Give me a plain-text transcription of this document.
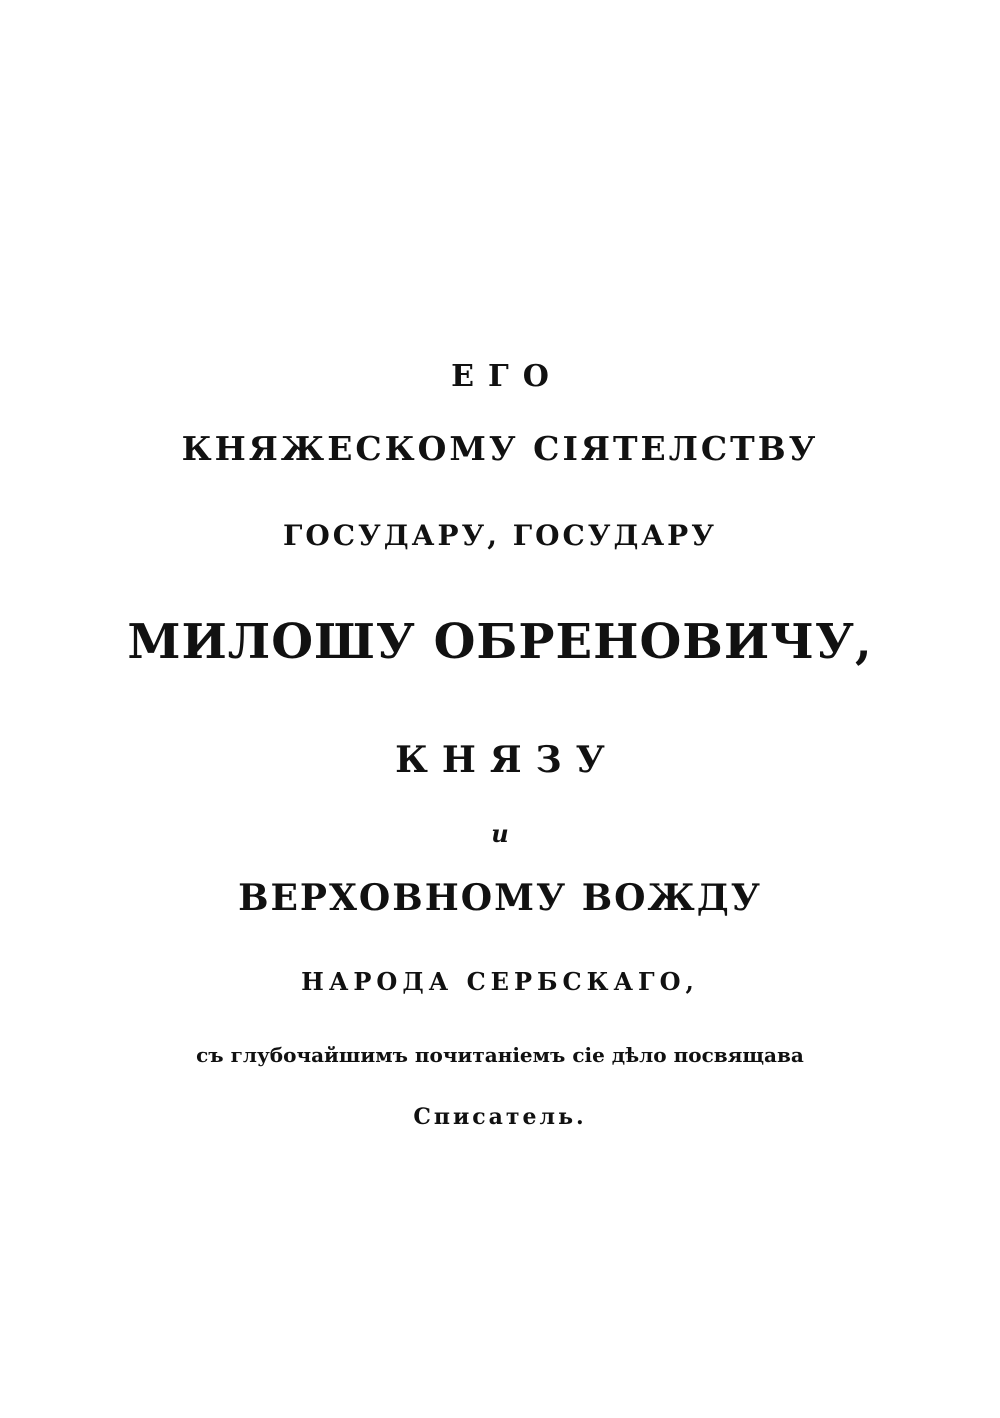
ЕГО
КНЯЖЕСКОМУ СІЯТЕЛСТВУ
ГОСУДАРУ, ГОСУДАРУ
МИЛОШУ ОБРЕНОВИЧУ,
КНЯЗУ
и
ВЕРХОВНОМУ ВОЖДУ
НАРОДА СЕРБСКАГО,
съ глубочайшимъ почитаніемъ сіе дѣло посвящава
Списатель.
